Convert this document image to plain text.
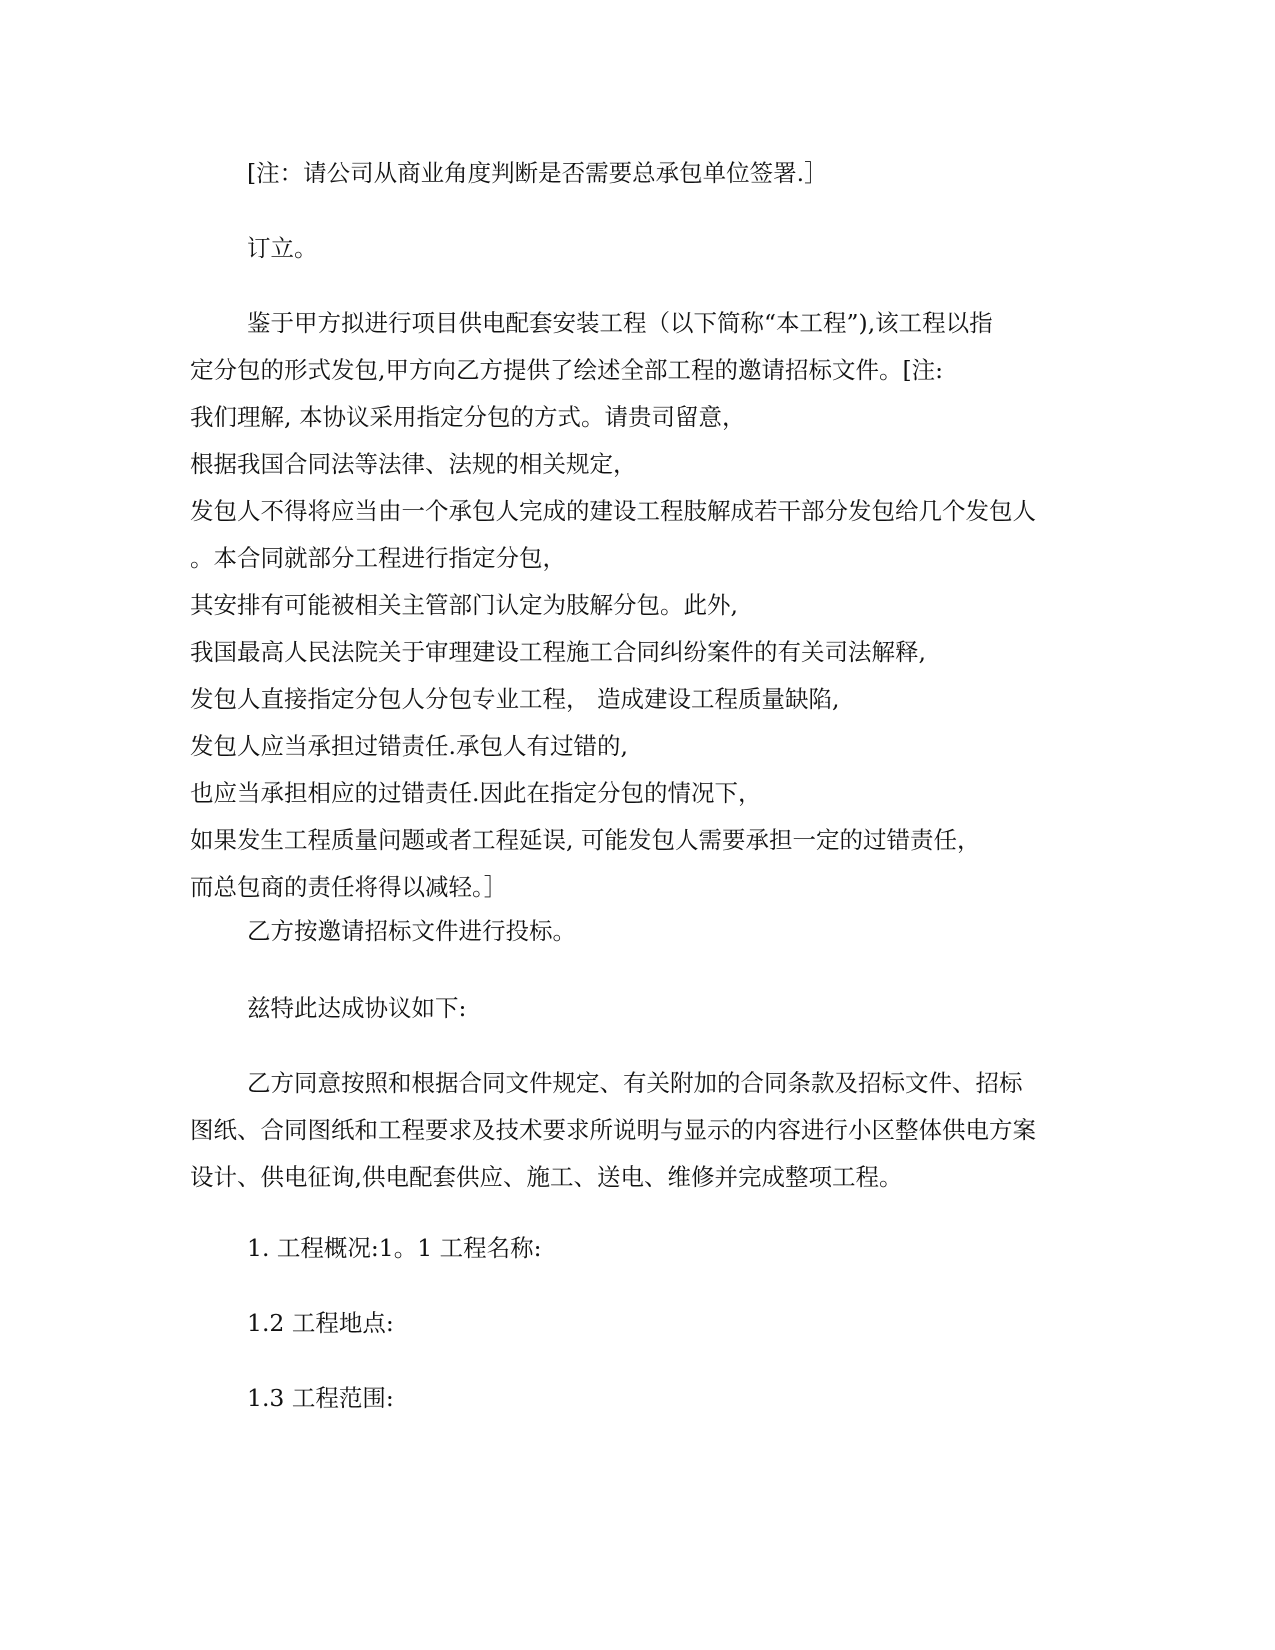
[注：请公司从商业角度判断是否需要总承包单位签署.］

订立。

鉴于甲方拟进行项目供电配套安装工程（以下简称“本工程”),该工程以指
定分包的形式发包,甲方向乙方提供了绘述全部工程的邀请招标文件。[注:
我们理解, 本协议采用指定分包的方式。请贵司留意，
根据我国合同法等法律、法规的相关规定，
发包人不得将应当由一个承包人完成的建设工程肢解成若干部分发包给几个发包人
。本合同就部分工程进行指定分包，
其安排有可能被相关主管部门认定为肢解分包。此外,
我国最高人民法院关于审理建设工程施工合同纠纷案件的有关司法解释,
发包人直接指定分包人分包专业工程， 造成建设工程质量缺陷,
发包人应当承担过错责任.承包人有过错的,
也应当承担相应的过错责任.因此在指定分包的情况下，
如果发生工程质量问题或者工程延误, 可能发包人需要承担一定的过错责任，
而总包商的责任将得以减轻。］

乙方按邀请招标文件进行投标。

兹特此达成协议如下:

乙方同意按照和根据合同文件规定、有关附加的合同条款及招标文件、招标
图纸、合同图纸和工程要求及技术要求所说明与显示的内容进行小区整体供电方案
设计、供电征询,供电配套供应、施工、送电、维修并完成整项工程。

1. 工程概况:1。1 工程名称:

1.2 工程地点:

1.3 工程范围:
